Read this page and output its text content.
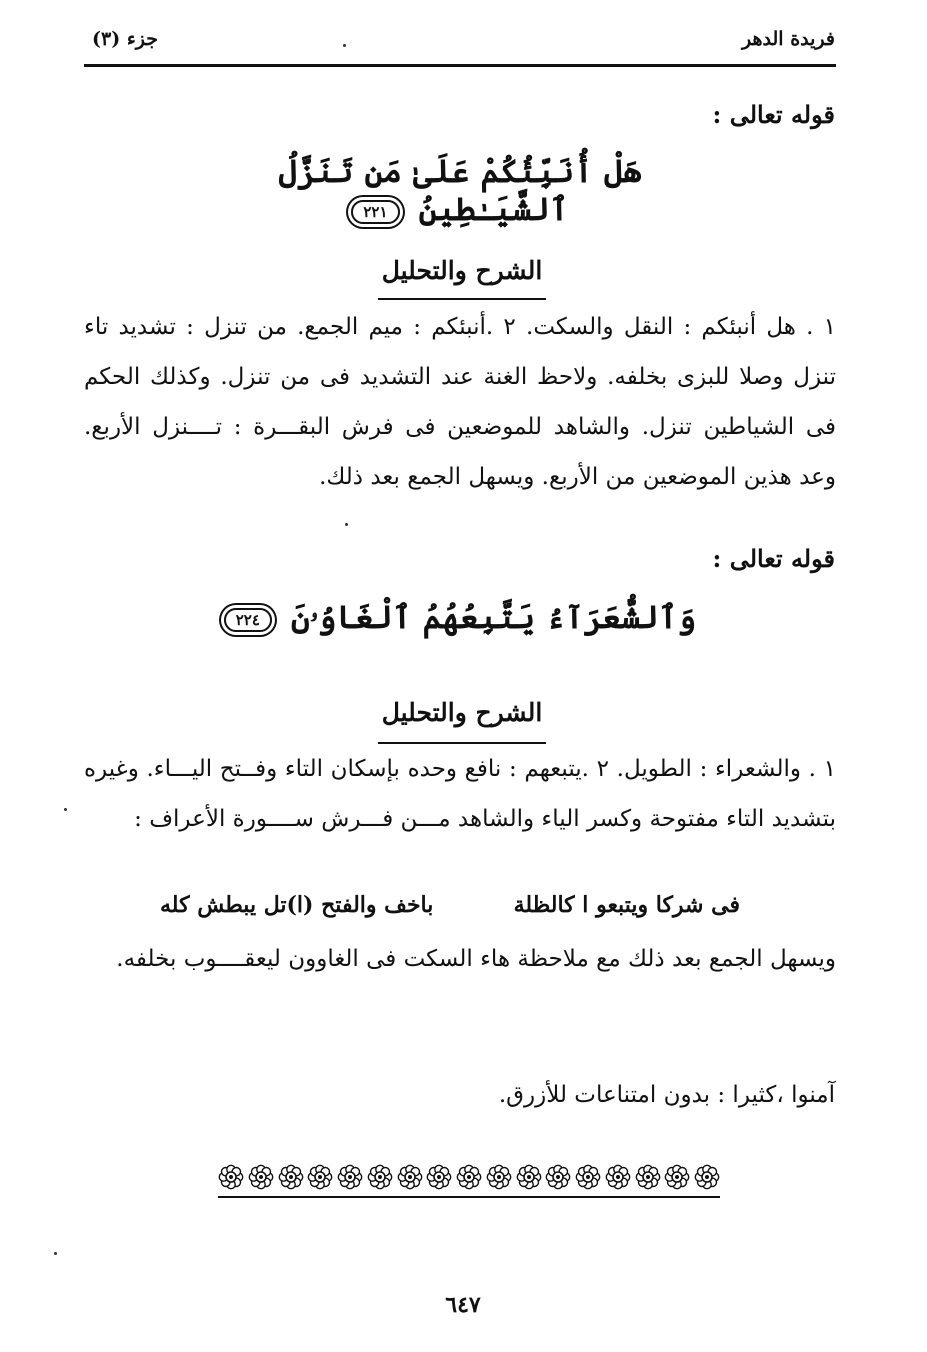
فريدة الدهر
جزء (٣)
قوله تعالى :
هَلْ أُنَبِّئُكُمْ عَلَىٰ مَن تَنَزَّلُ ٱلشَّيَـٰطِينُ ٢٢١
الشرح والتحليل
١ . هل أنبئكم : النقل والسكت. ٢ .أنبئكم : ميم الجمع. من تنزل : تشديد تاء تنزل وصلا للبزى بخلفه. ولاحظ الغنة عند التشديد فى من تنزل. وكذلك الحكم فى الشياطين تنزل. والشاهد للموضعين فى فرش البقـــرة : تــــنزل الأربع. وعد هذين الموضعين من الأربع. ويسهل الجمع بعد ذلك.
قوله تعالى :
وَٱلشُّعَرَآءُ يَتَّبِعُهُمُ ٱلْغَاوُۥنَ ٢٢٤
الشرح والتحليل
١ . والشعراء : الطويل. ٢ .يتبعهم : نافع وحده بإسكان التاء وفــتح اليـــاء. وغيره بتشديد التاء مفتوحة وكسر الياء والشاهد مـــن فـــرش ســــورة الأعراف :
فى شركا ويتبعو ا كالظلة
باخف والفتح (ا)تل يبطش كله
ويسهل الجمع بعد ذلك مع ملاحظة هاء السكت فى الغاوون ليعقــــوب بخلفه.
آمنوا ،كثيرا : بدون امتناعات للأزرق.
٦٤٧
